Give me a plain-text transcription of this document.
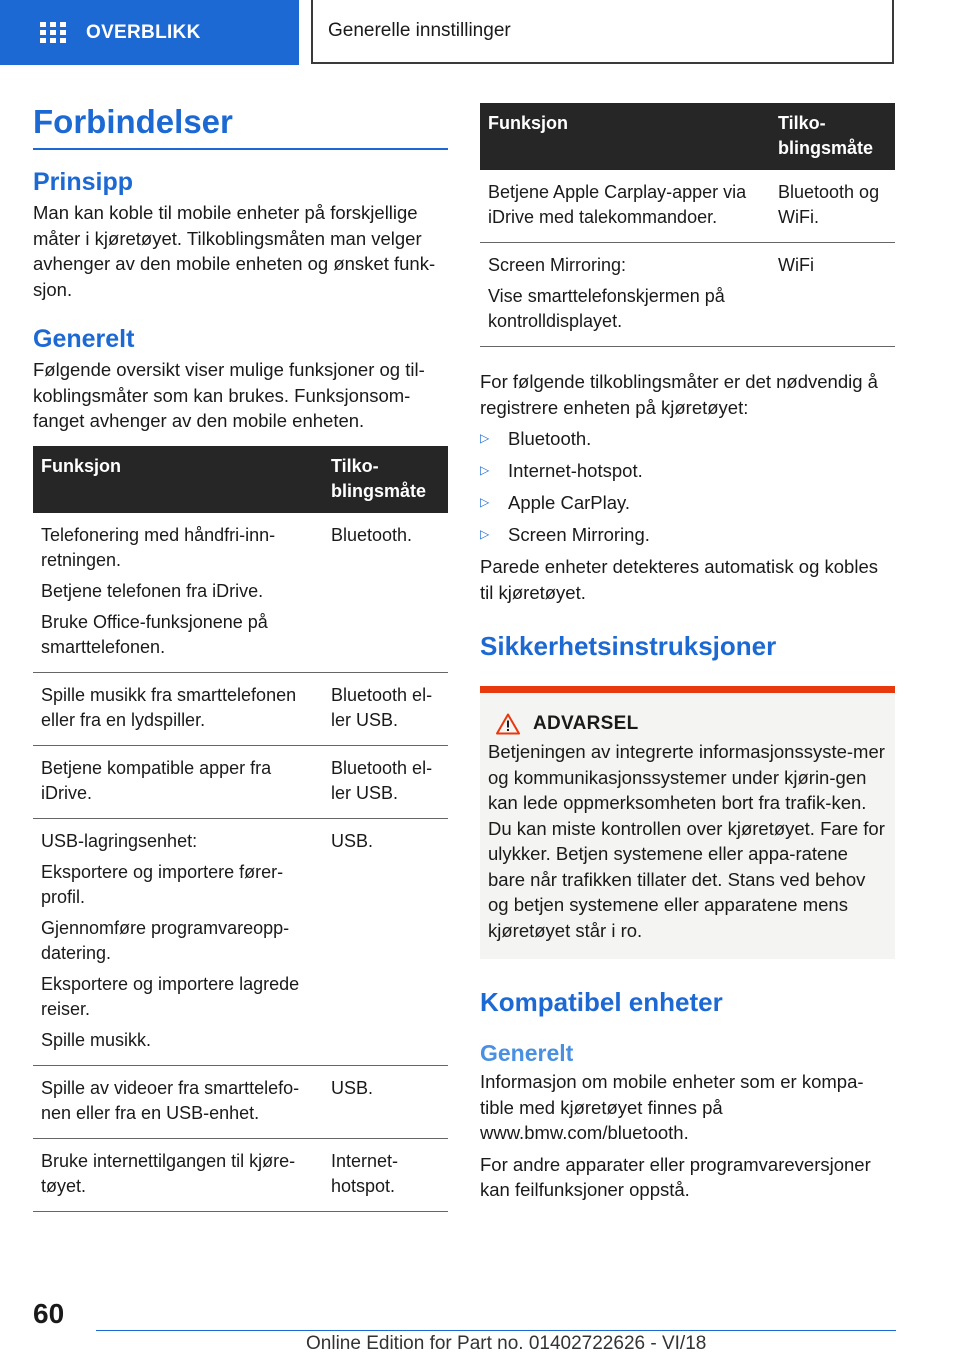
OVERBLIKK	Generelle innstillinger
Forbindelser
Prinsipp

Man kan koble til mobile enheter på forskjellige måter i kjøretøyet. Tilkoblingsmåten man velger avhenger av den mobile enheten og ønsket funk-sjon.

Generelt

Følgende oversikt viser mulige funksjoner og til-koblingsmåter som kan brukes. Funksjonsom-fanget avhenger av den mobile enheten.

Funksjon	Tilko-blingsmåte

Telefonering med håndfri-inn-retningen.
Betjene telefonen fra iDrive.
Bruke Office-funksjonene på smarttelefonen.	Bluetooth.

Spille musikk fra smarttelefonen eller fra en lydspiller.	Bluetooth el-ler USB.

Betjene kompatible apper fra iDrive.	Bluetooth el-ler USB.

USB-lagringsenhet:
Eksportere og importere fører-profil.
Gjennomføre programvareopp-datering.
Eksportere og importere lagrede reiser.
Spille musikk.	USB.

Spille av videoer fra smarttelefo-nen eller fra en USB-enhet.	USB.

Bruke internettilgangen til kjøre-tøyet.	Internet-hotspot.
Funksjon	Tilko-blingsmåte

Betjene Apple Carplay-apper via iDrive med talekommandoer.	Bluetooth og WiFi.

Screen Mirroring:
Vise smarttelefonskjermen på kontrolldisplayet.	WiFi

For følgende tilkoblingsmåter er det nødvendig å registrere enheten på kjøretøyet:

▷	Bluetooth.
▷	Internet-hotspot.
▷	Apple CarPlay.
▷	Screen Mirroring.

Parede enheter detekteres automatisk og kobles til kjøretøyet.

Sikkerhetsinstruksjoner
ADVARSEL

Betjeningen av integrerte informasjonssyste-mer og kommunikasjonssystemer under kjørin-gen kan lede oppmerksomheten bort fra trafik-ken. Du kan miste kontrollen over kjøretøyet. Fare for ulykker. Betjen systemene eller appa-ratene bare når trafikken tillater det. Stans ved behov og betjen systemene eller apparatene mens kjøretøyet står i ro.

Kompatibel enheter
Generelt

Informasjon om mobile enheter som er kompa-tible med kjøretøyet finnes på www.bmw.com/bluetooth.

For andre apparater eller programvareversjoner kan feilfunksjoner oppstå.

60
Online Edition for Part no. 01402722626 - VI/18
